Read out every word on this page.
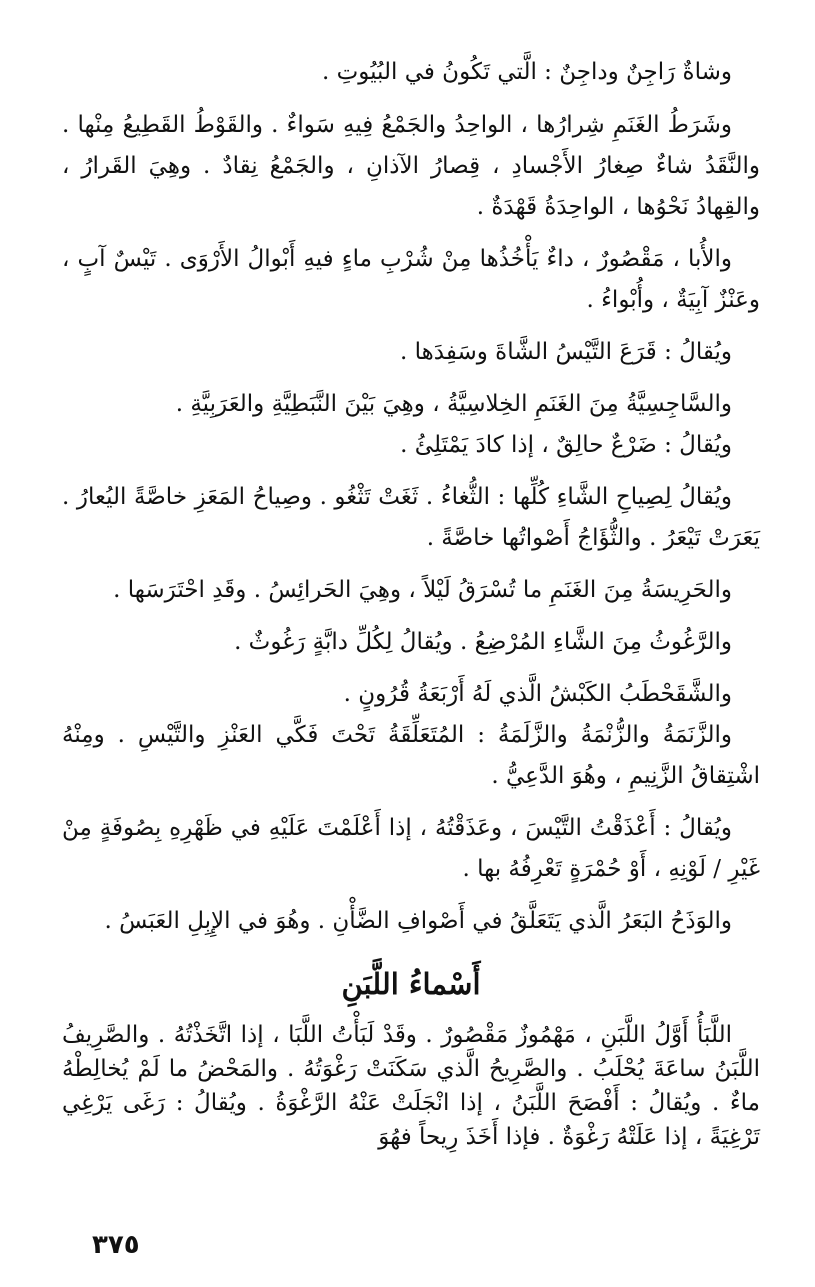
وشاةٌ رَاجِنٌ وداجِنٌ : الَّتي تَكُونُ في البُيُوتِ .

وشَرَطُ الغَنَمِ شِرارُها ، الواحِدُ والجَمْعُ فِيهِ سَواءٌ . والقَوْطُ القَطِيعُ مِنْها . والنَّقَدُ شاءٌ صِغارُ الأَجْسادِ ، قِصارُ الآذانِ ، والجَمْعُ نِقادٌ . وهِيَ القَرارُ ، والقِهادُ نَحْوُها ، الواحِدَةُ قَهْدَةٌ .

والأُبا ، مَقْصُورٌ ، داءٌ يَأْخُذُها مِنْ شُرْبِ ماءٍ فيهِ أَبْوالُ الأَرْوَى . تَيْسٌ آبٍ ، وعَنْزٌ آبِيَةٌ ، وأُبْواءُ .

ويُقالُ : قَرَعَ التَّيْسُ الشَّاةَ وسَفِدَها .

والسَّاجِسِيَّةُ مِنَ الغَنَمِ الخِلاسِيَّةُ ، وهِيَ بَيْنَ النَّبَطِيَّةِ والعَرَبِيَّةِ .

ويُقالُ : ضَرْعٌ حالِقٌ ، إذا كادَ يَمْتَلِئُ .

ويُقالُ لِصِياحِ الشَّاءِ كُلِّها : الثُّغاءُ . ثَغَتْ تَثْغُو . وصِياحُ المَعَزِ خاصَّةً اليُعارُ . يَعَرَتْ تَيْعَرُ . والثُّؤَاجُ أَصْواتُها خاصَّةً .

والحَرِيسَةُ مِنَ الغَنَمِ ما تُسْرَقُ لَيْلاً ، وهِيَ الحَرائِسُ . وقَدِ احْتَرَسَها .

والرَّغُوثُ مِنَ الشَّاءِ المُرْضِعُ . ويُقالُ لِكُلِّ دابَّةٍ رَغُوثٌ .

والشَّقَحْطَبُ الكَبْشُ الَّذي لَهُ أَرْبَعَةُ قُرُونٍ .

والزَّنَمَةُ والزُّنْمَةُ والزَّلَمَةُ : المُتَعَلِّقَةُ تَحْتَ فَكَّي العَنْزِ والتَّيْسِ . ومِنْهُ اشْتِقاقُ الزَّنِيمِ ، وهُوَ الدَّعِيُّ .

ويُقالُ : أَعْذَقْتُ التَّيْسَ ، وعَذَقْتُهُ ، إذا أَعْلَمْتَ عَلَيْهِ في ظَهْرِهِ بِصُوفَةٍ مِنْ غَيْرِ / لَوْنِهِ ، أَوْ حُمْرَةٍ تَعْرِفُهُ بها .

والوَذَحُ البَعَرُ الَّذي يَتَعَلَّقُ في أَصْوافِ الضَّأْنِ . وهُوَ في الإِبِلِ العَبَسُ .

أَسْماءُ اللَّبَنِ

اللَّبَأُ أَوَّلُ اللَّبَنِ ، مَهْمُوزٌ مَقْصُورٌ . وقَدْ لَبَأْتُ اللَّبَا ، إذا اتَّخَذْتُهُ . والصَّرِيفُ اللَّبَنُ ساعَةَ يُحْلَبُ . والصَّرِيحُ الَّذي سَكَنَتْ رَغْوَتُهُ . والمَحْضُ ما لَمْ يُخالِطْهُ ماءٌ . ويُقالُ : أَفْصَحَ اللَّبَنُ ، إذا انْجَلَتْ عَنْهُ الرَّغْوَةُ . ويُقالُ : رَغَى يَرْغِي تَرْغِيَةً ، إذا عَلَتْهُ رَغْوَةٌ . فإذا أَخَذَ رِيحاً فهُوَ

٣٧٥
